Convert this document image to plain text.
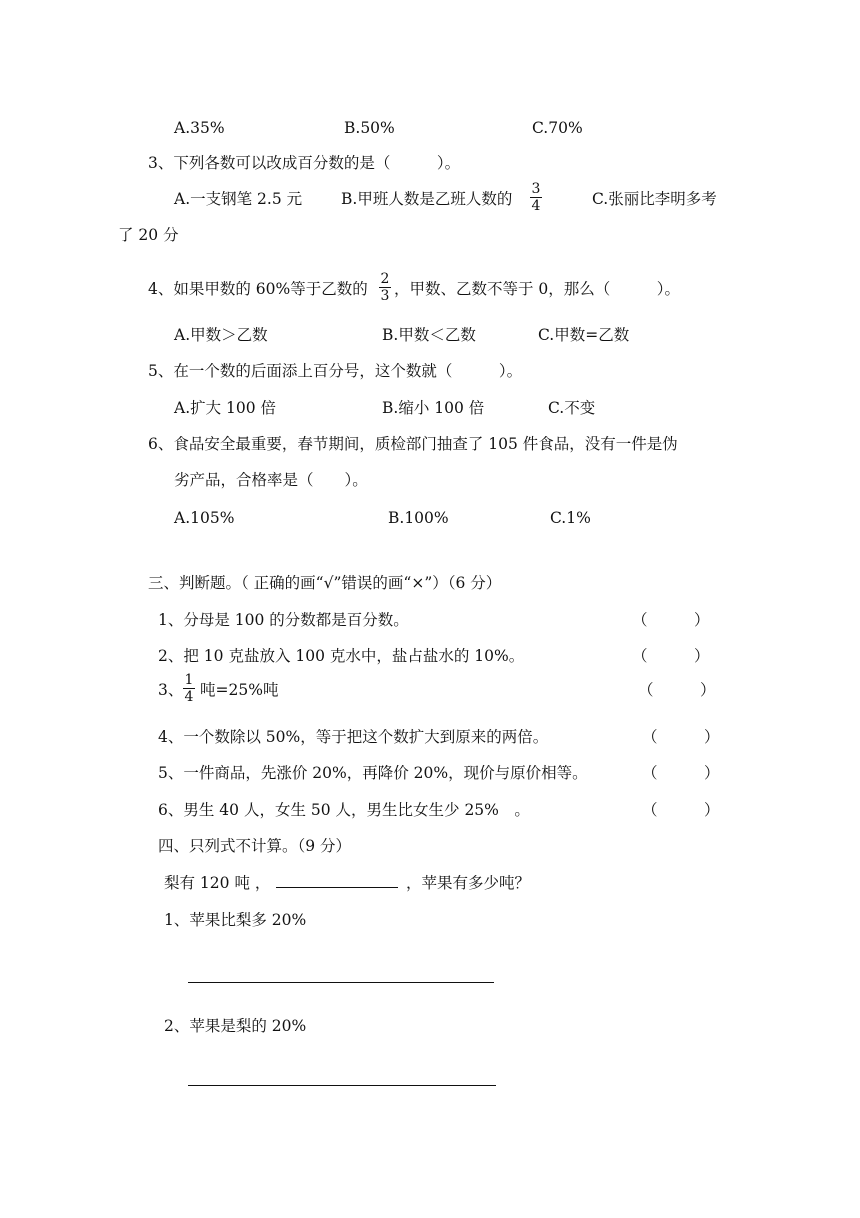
A.35%	B.50%	C.70%
3、下列各数可以改成百分数的是（　　　）。
A.一支钢笔 2.5 元	B.甲班人数是乙班人数的
3
4	C.张丽比李明多考
了 20 分
4、如果甲数的 60%等于乙数的
2
3 ，甲数、乙数不等于 0，那么（　　　）。
A.甲数＞乙数	B.甲数＜乙数	C.甲数=乙数
5、在一个数的后面添上百分号，这个数就（　　　）。
A.扩大 100 倍	B.缩小 100 倍	C.不变
6、食品安全最重要，春节期间，质检部门抽查了 105 件食品，没有一件是伪
劣产品，合格率是（　　）。
A.105%	B.100%	C.1%
三、判断题。（ 正确的画“√”错误的画“×”）（6 分）
1、分母是 100 的分数都是百分数。	（　　　）
2、把 10 克盐放入 100 克水中，盐占盐水的 10%。	（　　　）
3、
1
4 吨=25%吨	（　　　）
4、一个数除以 50%，等于把这个数扩大到原来的两倍。	（　　　）
5、一件商品，先涨价 20%，再降价 20%，现价与原价相等。	（　　　）
6、男生 40 人，女生 50 人，男生比女生少 25%　。	（　　　）
四、只列式不计算。（9 分）
梨有 120 吨 ，	，苹果有多少吨？
1、苹果比梨多 20%
2、苹果是梨的 20%
